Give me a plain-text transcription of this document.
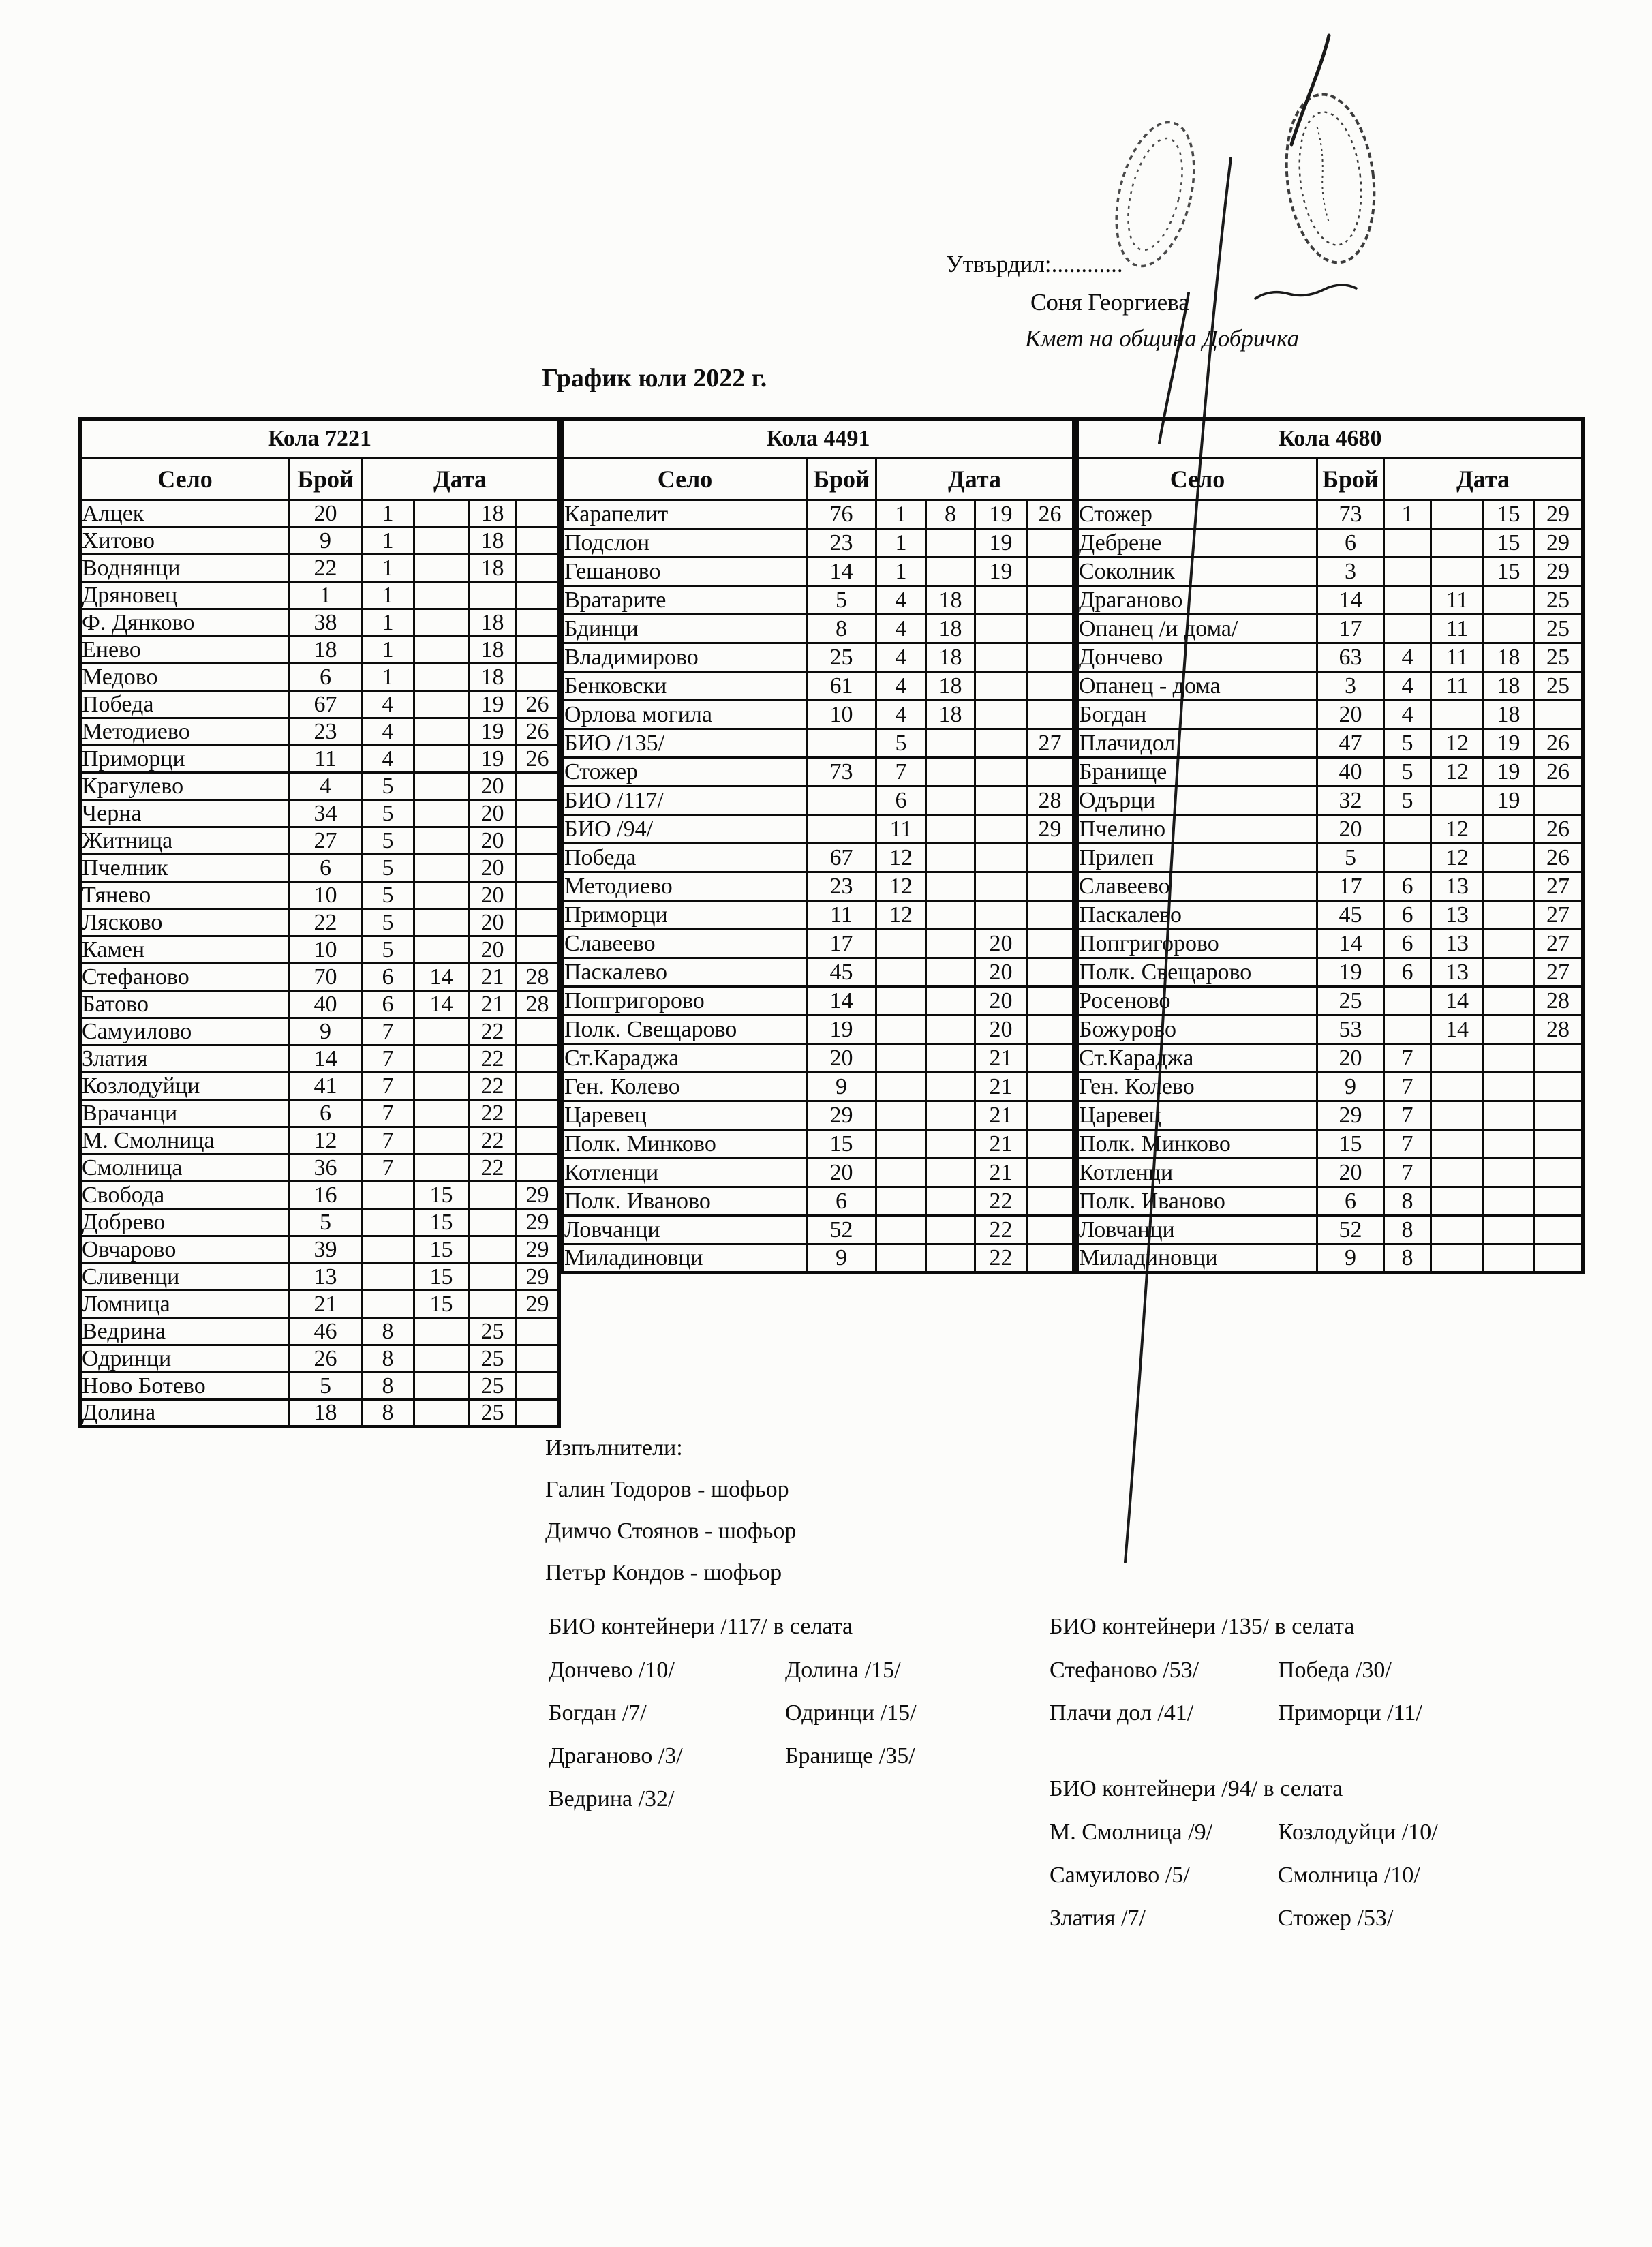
Утвърдил:............
Соня Георгиева
Кмет на община Добричка
График юли 2022 г.
Кола 7221					
Село	Брой	Дата			
Алцек	20	1		18	
Хитово	9	1		18	
Воднянци	22	1		18	
Дряновец	1	1			
Ф. Дянково	38	1		18	
Енево	18	1		18	
Медово	6	1		18	
Победа	67	4		19	26
Методиево	23	4		19	26
Приморци	11	4		19	26
Крагулево	4	5		20	
Черна	34	5		20	
Житница	27	5		20	
Пчелник	6	5		20	
Тянево	10	5		20	
Лясково	22	5		20	
Камен	10	5		20	
Стефаново	70	6	14	21	28
Батово	40	6	14	21	28
Самуилово	9	7		22	
Златия	14	7		22	
Козлодуйци	41	7		22	
Врачанци	6	7		22	
М. Смолница	12	7		22	
Смолница	36	7		22	
Свобода	16		15		29
Добрево	5		15		29
Овчарово	39		15		29
Сливенци	13		15		29
Ломница	21		15		29
Ведрина	46	8		25	
Одринци	26	8		25	
Ново Ботево	5	8		25	
Долина	18	8		25	
Кола 4491					
Село	Брой	Дата			
Карапелит	76	1	8	19	26
Подслон	23	1		19	
Гешаново	14	1		19	
Вратарите	5	4	18		
Бдинци	8	4	18		
Владимирово	25	4	18		
Бенковски	61	4	18		
Орлова могила	10	4	18		
БИО /135/		5			27
Стожер	73	7			
БИО /117/		6			28
БИО /94/		11			29
Победа	67	12			
Методиево	23	12			
Приморци	11	12			
Славеево	17			20	
Паскалево	45			20	
Попгригорово	14			20	
Полк. Свещарово	19			20	
Ст.Караджа	20			21	
Ген. Колево	9			21	
Царевец	29			21	
Полк. Минково	15			21	
Котленци	20			21	
Полк. Иваново	6			22	
Ловчанци	52			22	
Миладиновци	9			22	
Кола 4680					
Село	Брой	Дата			
Стожер	73	1		15	29
Дебрене	6			15	29
Соколник	3			15	29
Драганово	14		11		25
Опанец /и дома/	17		11		25
Дончево	63	4	11	18	25
Опанец - дома	3	4	11	18	25
Богдан	20	4		18	
Плачидол	47	5	12	19	26
Бранище	40	5	12	19	26
Одърци	32	5		19	
Пчелино	20		12		26
Прилеп	5		12		26
Славеево	17	6	13		27
Паскалево	45	6	13		27
Попгригорово	14	6	13		27
Полк. Свещарово	19	6	13		27
Росеново	25		14		28
Божурово	53		14		28
Ст.Караджа	20	7			
Ген. Колево	9	7			
Царевец	29	7			
Полк. Минково	15	7			
Котленци	20	7			
Полк. Иваново	6	8			
Ловчанци	52	8			
Миладиновци	9	8			
Изпълнители:
Галин Тодоров - шофьор
Димчо Стоянов - шофьор
Петър Кондов - шофьор
БИО контейнери /117/ в селата
Дончево /10/
Богдан /7/
Драганово /3/
Ведрина /32/
Долина /15/
Одринци /15/
Бранище /35/
БИО контейнери /135/ в селата
Стефаново /53/
Плачи дол /41/
Победа /30/
Приморци /11/
БИО контейнери /94/ в селата
М. Смолница /9/
Самуилово /5/
Златия /7/
Козлодуйци /10/
Смолница /10/
Стожер /53/
